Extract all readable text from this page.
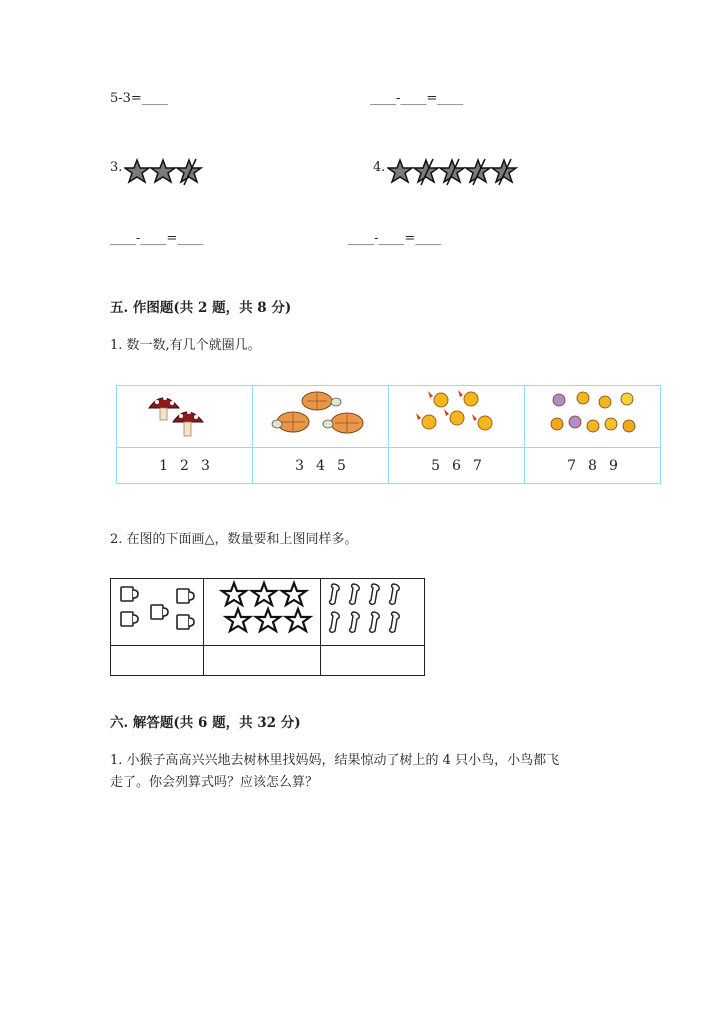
5-3=____	____-____=____
3.	4.
____-____=____	____-____=____
五. 作图题(共 2 题，共 8 分)
1. 数一数,有几个就圈几。

1 2 3	3 4 5	5 6 7	7 8 9
2. 在图的下面画△，数量要和上图同样多。

六. 解答题(共 6 题，共 32 分)
1. 小猴子高高兴兴地去树林里找妈妈，结果惊动了树上的 4 只小鸟，小鸟都飞
走了。你会列算式吗？应该怎么算？
